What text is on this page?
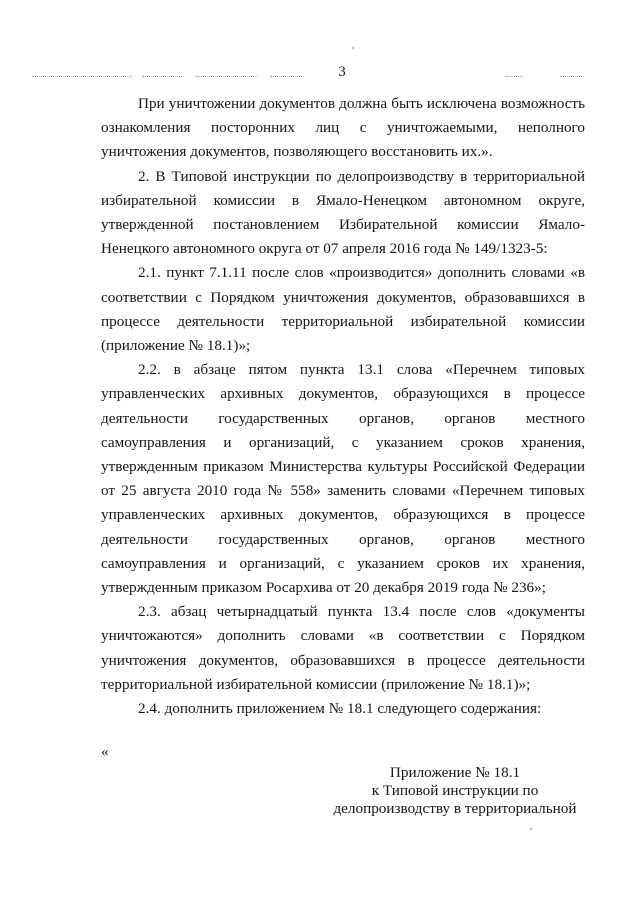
3

При уничтожении документов должна быть исключена возможность ознакомления посторонних лиц с уничтожаемыми, неполного уничтожения документов, позволяющего восстановить их.».

2. В Типовой инструкции по делопроизводству в территориальной избирательной комиссии в Ямало-Ненецком автономном округе, утвержденной постановлением Избирательной комиссии Ямало-Ненецкого автономного округа от 07 апреля 2016 года № 149/1323-5:

2.1. пункт 7.1.11 после слов «производится» дополнить словами «в соответствии с Порядком уничтожения документов, образовавшихся в процессе деятельности территориальной избирательной комиссии (приложение № 18.1)»;

2.2. в абзаце пятом пункта 13.1 слова «Перечнем типовых управленческих архивных документов, образующихся в процессе деятельности государственных органов, органов местного самоуправления и организаций, с указанием сроков хранения, утвержденным приказом Министерства культуры Российской Федерации от 25 августа 2010 года № 558» заменить словами «Перечнем типовых управленческих архивных документов, образующихся в процессе деятельности государственных органов, органов местного самоуправления и организаций, с указанием сроков их хранения, утвержденным приказом Росархива от 20 декабря 2019 года № 236»;

2.3. абзац четырнадцатый пункта 13.4 после слов «документы уничтожаются» дополнить словами «в соответствии с Порядком уничтожения документов, образовавшихся в процессе деятельности территориальной избирательной комиссии (приложение № 18.1)»;

2.4. дополнить приложением № 18.1 следующего содержания:

«
Приложение № 18.1
к Типовой инструкции по
делопроизводству в территориальной
